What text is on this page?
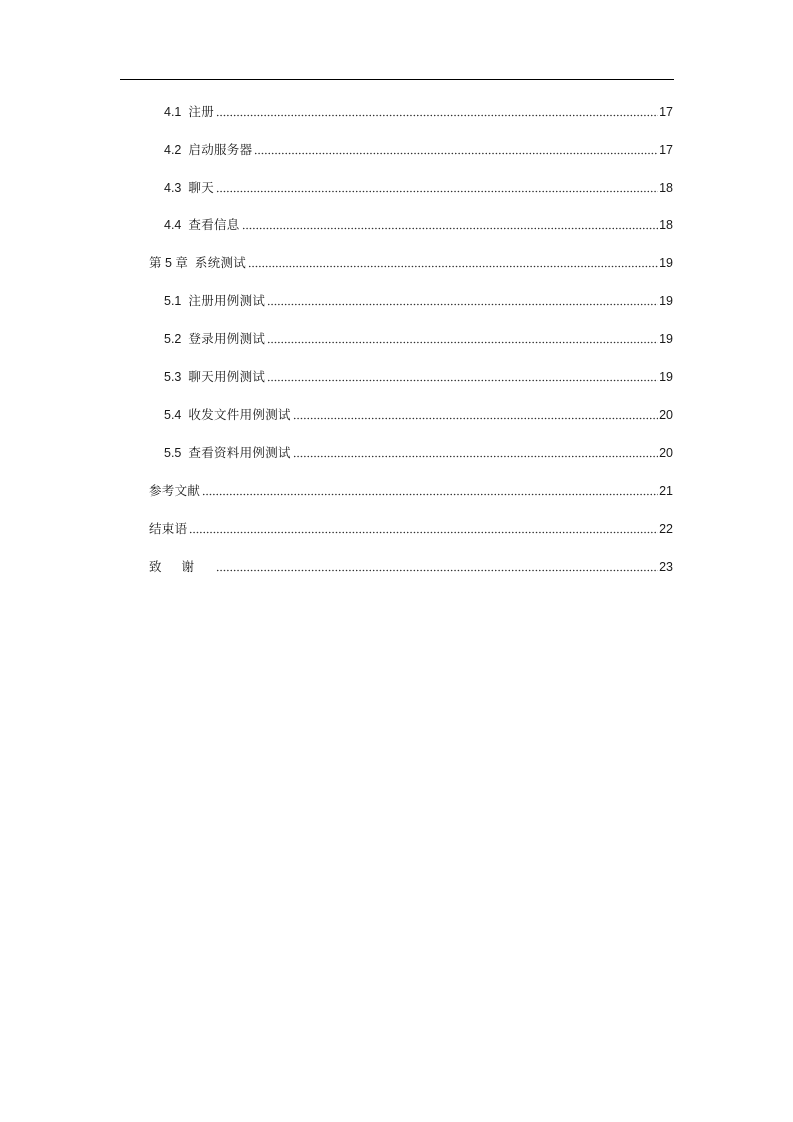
4.1 注册	17
4.2 启动服务器	17
4.3 聊天	18
4.4 查看信息	18
第 5 章 系统测试	19
5.1 注册用例测试	19
5.2 登录用例测试	19
5.3 聊天用例测试	19
5.4 收发文件用例测试	20
5.5 查看资料用例测试	20
参考文献	21
结束语	22
致谢	23
